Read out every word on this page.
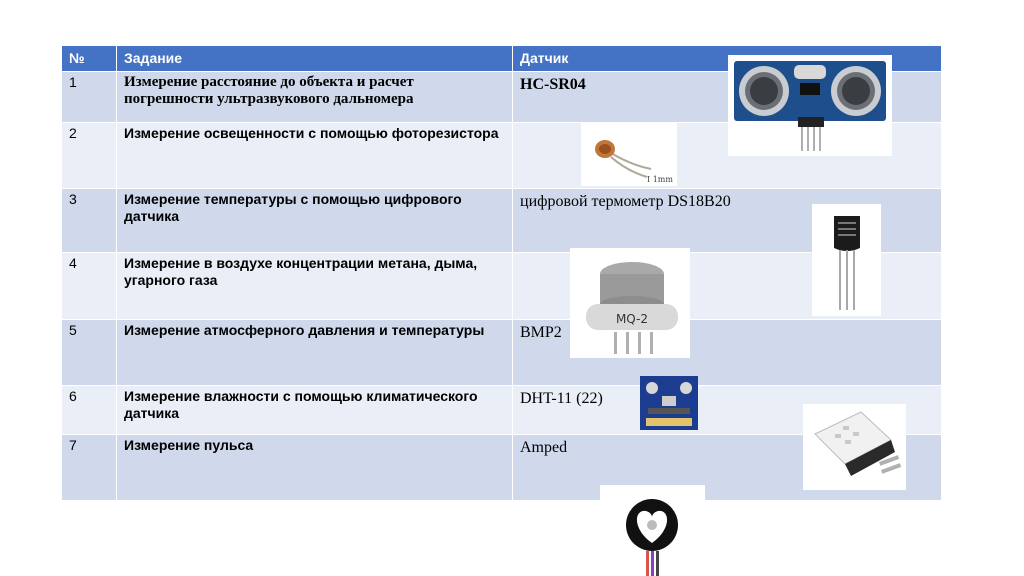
№	Задание	Датчик
1	Измерение расстояние до объекта и расчет погрешности ультразвукового дальномера	HC-SR04
2	Измерение освещенности с помощью фоторезистора	
3	Измерение температуры с помощью цифрового датчика	цифровой термометр DS18B20
4	Измерение в воздухе концентрации метана, дыма, угарного газа	
5	Измерение атмосферного давления и температуры	BMP2
6	Измерение влажности с помощью климатического датчика	DHT-11 (22)
7	Измерение пульса	Amped
I 1mm
MQ-2
